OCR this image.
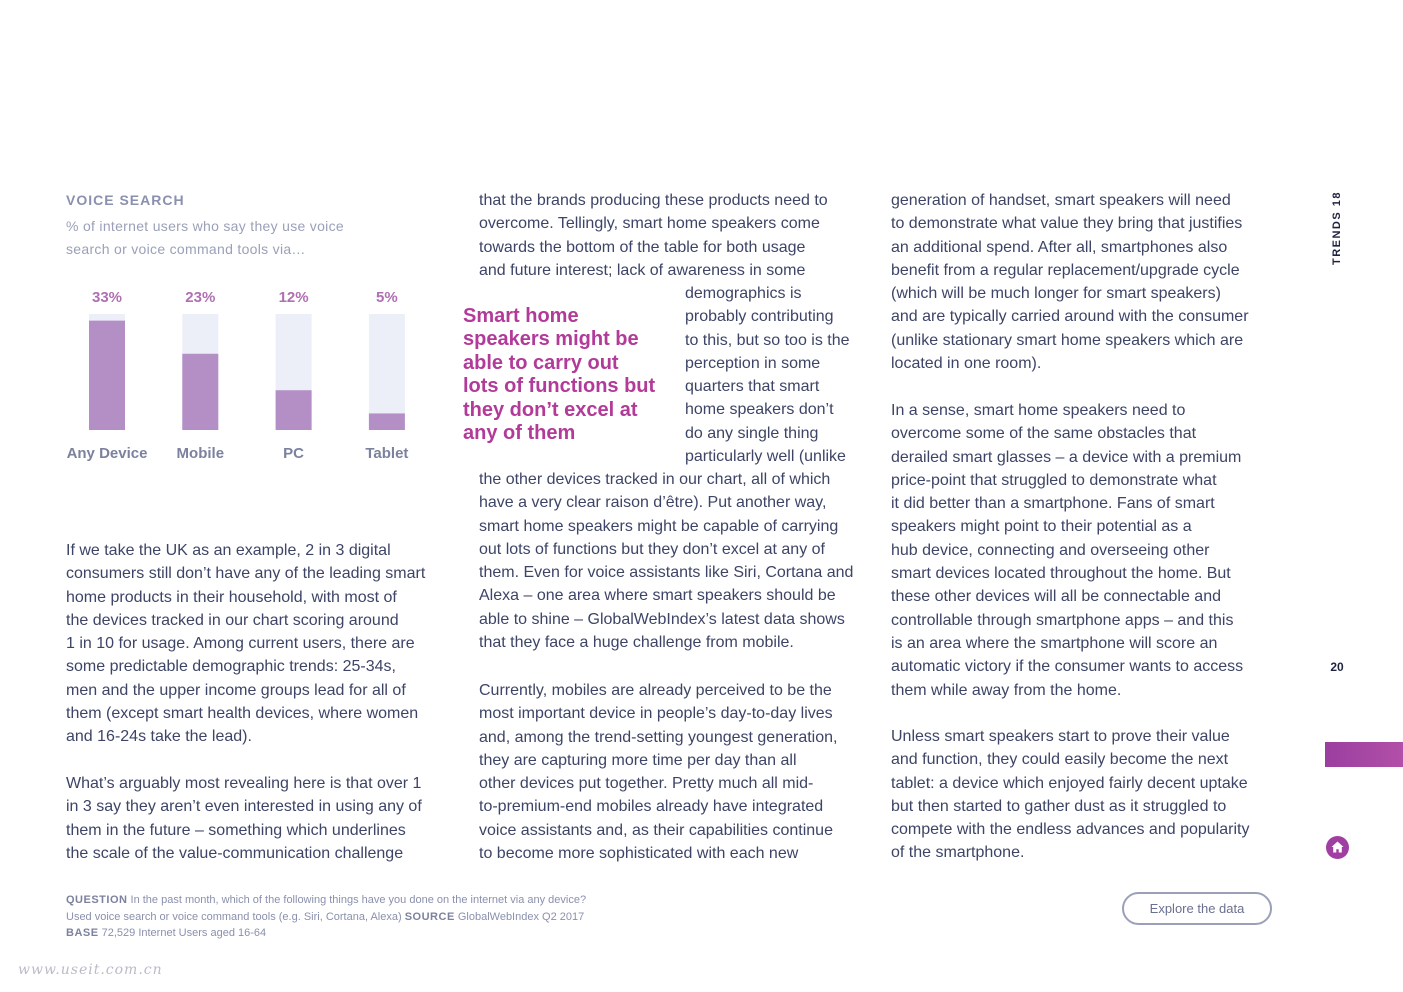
VOICE SEARCH
% of internet users who say they use voice search or voice command tools via…
33%
Any Device
23%
Mobile
12%
PC
5%
Tablet
If we take the UK as an example, 2 in 3 digital
consumers still don’t have any of the leading smart
home products in their household, with most of
the devices tracked in our chart scoring around
1 in 10 for usage. Among current users, there are
some predictable demographic trends: 25-34s,
men and the upper income groups lead for all of
them (except smart health devices, where women
and 16-24s take the lead).
What’s arguably most revealing here is that over 1
in 3 say they aren’t even interested in using any of
them in the future – something which underlines
the scale of the value-communication challenge
that the brands producing these products need to
overcome. Tellingly, smart home speakers come
towards the bottom of the table for both usage
and future interest; lack of awareness in some
demographics is
probably contributing
to this, but so too is the
perception in some
quarters that smart
home speakers don’t
do any single thing
particularly well (unlike
the other devices tracked in our chart, all of which
have a very clear raison d’être). Put another way,
smart home speakers might be capable of carrying
out lots of functions but they don’t excel at any of
them. Even for voice assistants like Siri, Cortana and
Alexa – one area where smart speakers should be
able to shine – GlobalWebIndex’s latest data shows
that they face a huge challenge from mobile.
Currently, mobiles are already perceived to be the
most important device in people’s day-to-day lives
and, among the trend-setting youngest generation,
they are capturing more time per day than all
other devices put together. Pretty much all mid-
to-premium-end mobiles already have integrated
voice assistants and, as their capabilities continue
to become more sophisticated with each new
Smart home
speakers might be
able to carry out
lots of functions but
they don’t excel at
any of them
generation of handset, smart speakers will need
to demonstrate what value they bring that justifies
an additional spend. After all, smartphones also
benefit from a regular replacement/upgrade cycle
(which will be much longer for smart speakers)
and are typically carried around with the consumer
(unlike stationary smart home speakers which are
located in one room).
In a sense, smart home speakers need to
overcome some of the same obstacles that
derailed smart glasses – a device with a premium
price-point that struggled to demonstrate what
it did better than a smartphone. Fans of smart
speakers might point to their potential as a
hub device, connecting and overseeing other
smart devices located throughout the home. But
these other devices will all be connectable and
controllable through smartphone apps – and this
is an area where the smartphone will score an
automatic victory if the consumer wants to access
them while away from the home.
Unless smart speakers start to prove their value
and function, they could easily become the next
tablet: a device which enjoyed fairly decent uptake
but then started to gather dust as it struggled to
compete with the endless advances and popularity
of the smartphone.
TRENDS 18
20
QUESTION In the past month, which of the following things have you done on the internet via any device?
Used voice search or voice command tools (e.g. Siri, Cortana, Alexa) SOURCE GlobalWebIndex Q2 2017
BASE 72,529 Internet Users aged 16-64
Explore the data
www.useit.com.cn
